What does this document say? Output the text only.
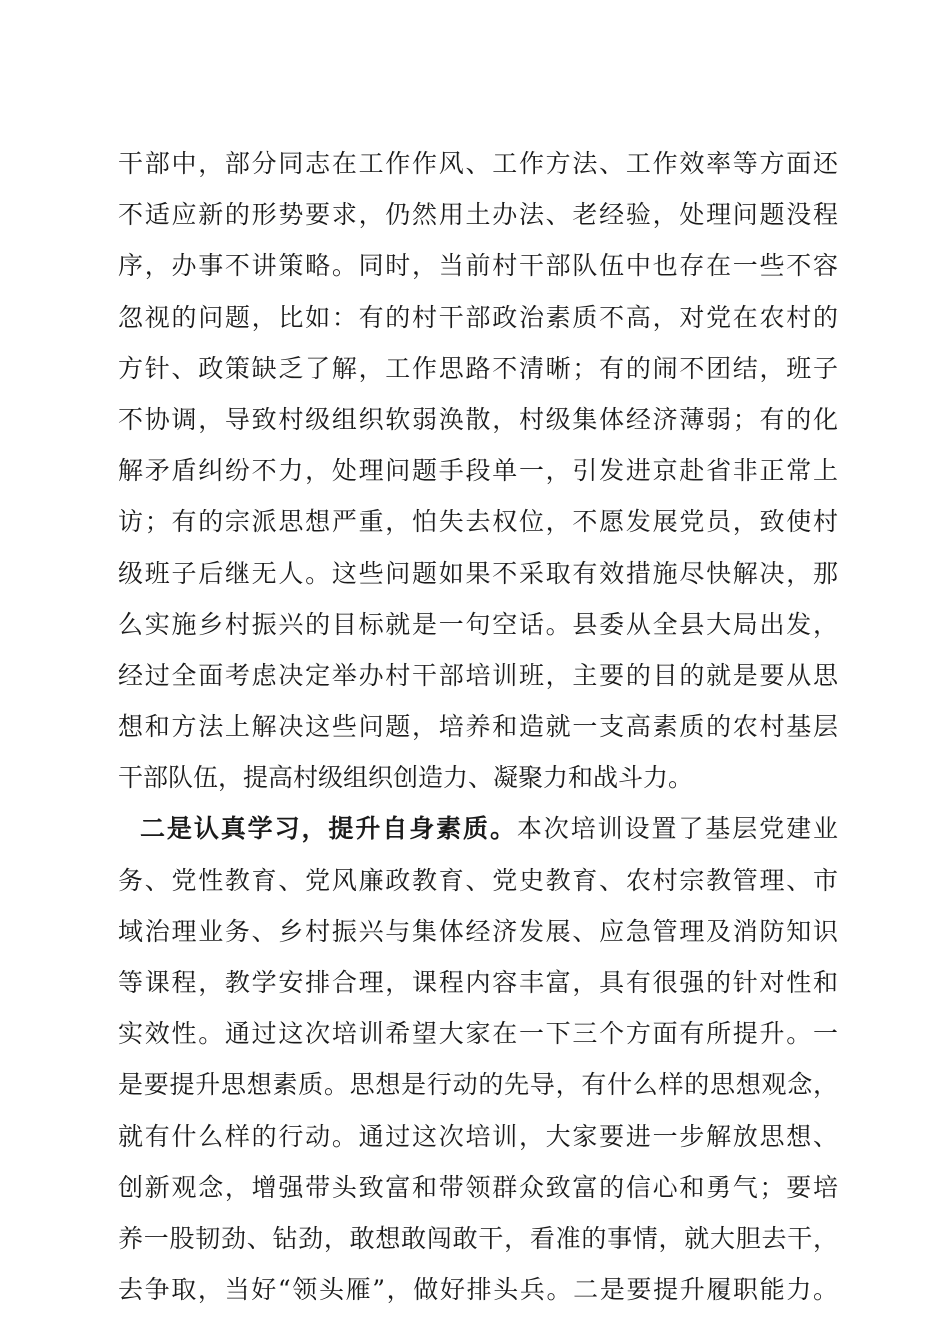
干部中，部分同志在工作作风、工作方法、工作效率等方面还
不适应新的形势要求，仍然用土办法、老经验，处理问题没程
序，办事不讲策略。同时，当前村干部队伍中也存在一些不容
忽视的问题，比如：有的村干部政治素质不高，对党在农村的
方针、政策缺乏了解，工作思路不清晰；有的闹不团结，班子
不协调，导致村级组织软弱涣散，村级集体经济薄弱；有的化
解矛盾纠纷不力，处理问题手段单一，引发进京赴省非正常上
访；有的宗派思想严重，怕失去权位，不愿发展党员，致使村
级班子后继无人。这些问题如果不采取有效措施尽快解决，那
么实施乡村振兴的目标就是一句空话。县委从全县大局出发，
经过全面考虑决定举办村干部培训班，主要的目的就是要从思
想和方法上解决这些问题，培养和造就一支高素质的农村基层
干部队伍，提高村级组织创造力、凝聚力和战斗力。
二是认真学习，提升自身素质。本次培训设置了基层党建业
务、党性教育、党风廉政教育、党史教育、农村宗教管理、市
域治理业务、乡村振兴与集体经济发展、应急管理及消防知识
等课程，教学安排合理，课程内容丰富，具有很强的针对性和
实效性。通过这次培训希望大家在一下三个方面有所提升。一
是要提升思想素质。思想是行动的先导，有什么样的思想观念，
就有什么样的行动。通过这次培训，大家要进一步解放思想、
创新观念，增强带头致富和带领群众致富的信心和勇气；要培
养一股韧劲、钻劲，敢想敢闯敢干，看准的事情，就大胆去干，
去争取，当好“领头雁”，做好排头兵。二是要提升履职能力。
